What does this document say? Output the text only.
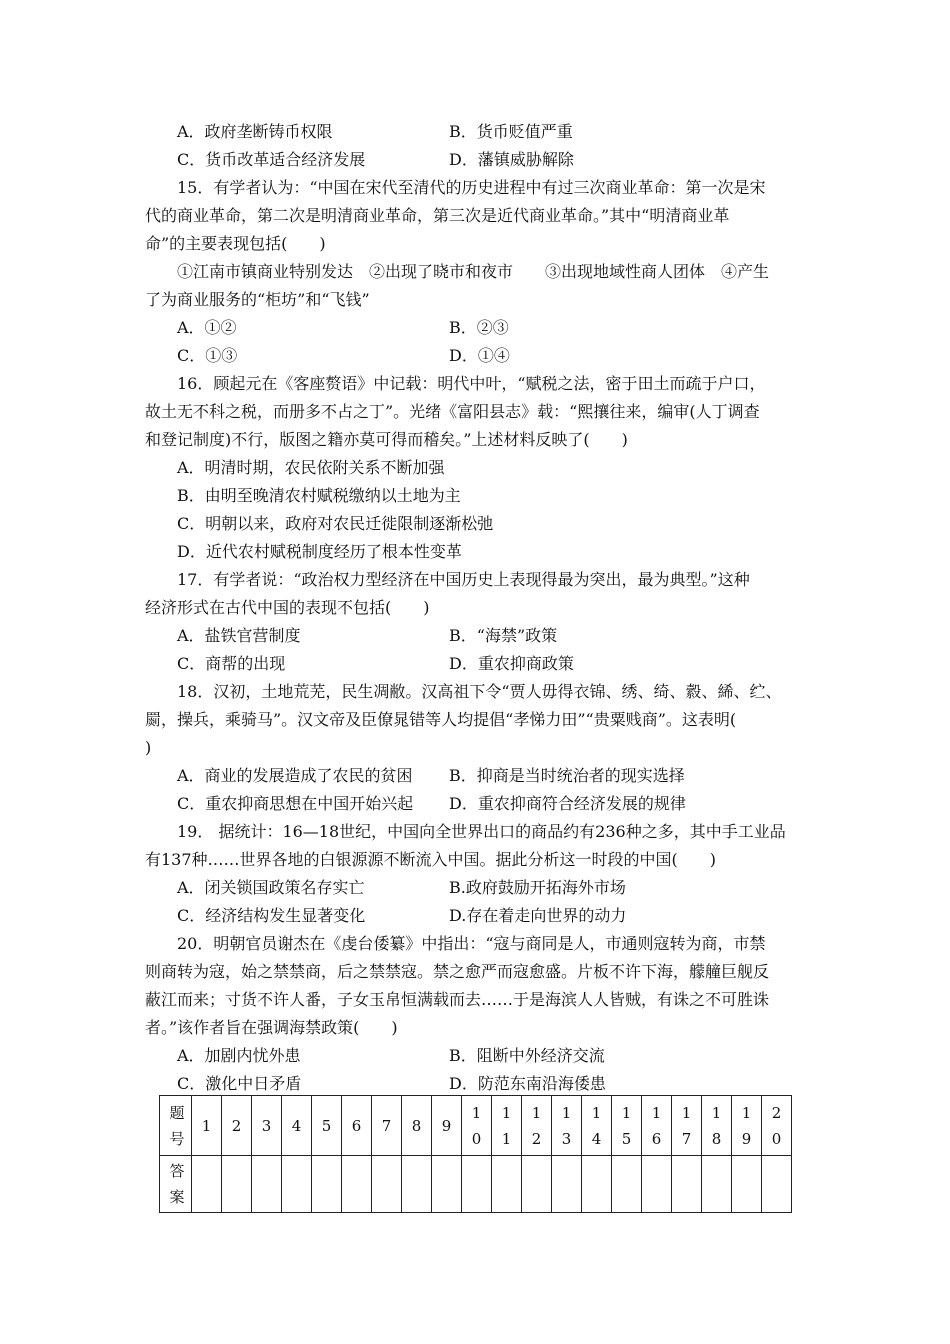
A．政府垄断铸币权限	B．货币贬值严重
C．货币改革适合经济发展	D．藩镇威胁解除
15．有学者认为：“中国在宋代至清代的历史进程中有过三次商业革命：第一次是宋
代的商业革命，第二次是明清商业革命，第三次是近代商业革命。”其中“明清商业革
命”的主要表现包括(　　)
①江南市镇商业特别发达　②出现了晓市和夜市　　③出现地域性商人团体　④产生
了为商业服务的“柜坊”和“飞钱”
A．①②	B．②③
C．①③	D．①④
16．顾起元在《客座赘语》中记载：明代中叶，“赋税之法，密于田土而疏于户口，
故土无不科之税，而册多不占之丁”。光绪《富阳县志》载：“熙攘往来，编审(人丁调查
和登记制度)不行，版图之籍亦莫可得而稽矣。”上述材料反映了(　　)
A．明清时期，农民依附关系不断加强
B．由明至晚清农村赋税缴纳以土地为主
C．明朝以来，政府对农民迁徙限制逐渐松弛
D．近代农村赋税制度经历了根本性变革
17．有学者说：“政治权力型经济在中国历史上表现得最为突出，最为典型。”这种
经济形式在古代中国的表现不包括(　　)
A．盐铁官营制度	B．“海禁”政策
C．商帮的出现	D．重农抑商政策
18．汉初，土地荒芜，民生凋敝。汉高祖下令“贾人毋得衣锦、绣、绮、縠、絺、纻、
罽，操兵，乘骑马”。汉文帝及臣僚晁错等人均提倡“孝悌力田”“贵粟贱商”。这表明(
)
A．商业的发展造成了农民的贫困 B．抑商是当时统治者的现实选择
C．重农抑商思想在中国开始兴起 D．重农抑商符合经济发展的规律
19． 据统计：16—18世纪，中国向全世界出口的商品约有236种之多，其中手工业品
有137种……世界各地的白银源源不断流入中国。据此分析这一时段的中国(　　)
A．闭关锁国政策名存实亡	B.政府鼓励开拓海外市场
C．经济结构发生显著变化	D.存在着走向世界的动力
20．明朝官员谢杰在《虔台倭纂》中指出：“寇与商同是人，市通则寇转为商，市禁
则商转为寇，始之禁禁商，后之禁禁寇。禁之愈严而寇愈盛。片板不许下海，艨艟巨舰反
蔽江而来；寸货不许人番，子女玉帛恒满载而去……于是海滨人人皆贼，有诛之不可胜诛
者。”该作者旨在强调海禁政策(　　)
A．加剧内忧外患	B．阻断中外经济交流
C．激化中日矛盾	D．防范东南沿海倭患
题号	1	2	3	4	5	6	7	8	9	10	11	12	13	14	15	16	17	18	19	20

答案																				
